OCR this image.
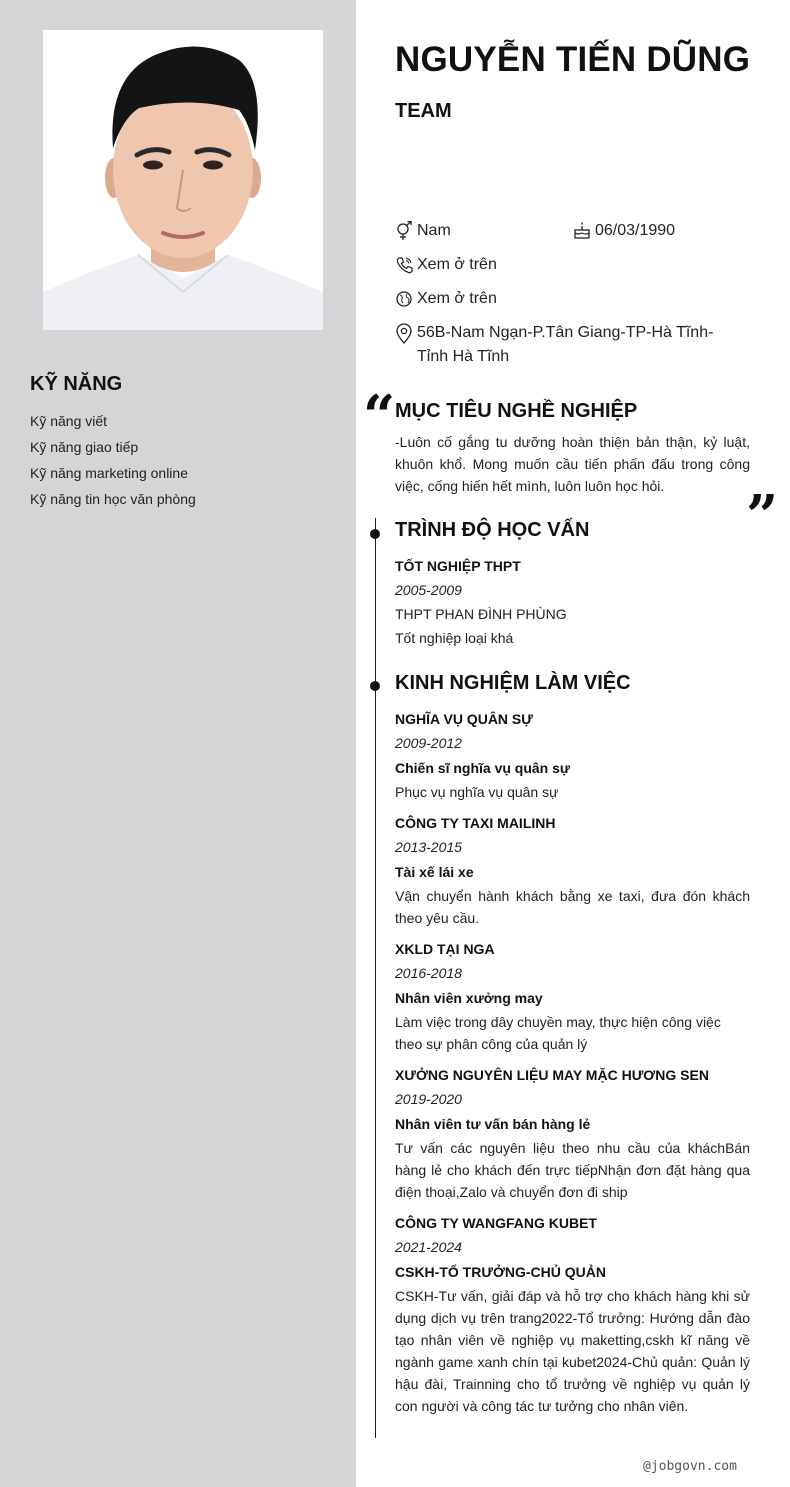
KỸ NĂNG
Kỹ năng viết
Kỹ năng giao tiếp
Kỹ năng marketing online
Kỹ năng tin học văn phòng
NGUYỄN TIẾN DŨNG
TEAM
Nam	06/03/1990
Xem ở trên
Xem ở trên
56B-Nam Ngạn-P.Tân Giang-TP-Hà Tĩnh-Tỉnh Hà Tĩnh
“ MỤC TIÊU NGHỀ NGHIỆP

-Luôn cố gắng tu dưỡng hoàn thiện bản thận, kỷ luật, khuôn khổ. Mong muốn cầu tiến phấn đấu trong công việc, cống hiến hết mình, luôn luôn học hỏi.	”
TRÌNH ĐỘ HỌC VẤN
TỐT NGHIỆP THPT
2005-2009
THPT PHAN ĐÌNH PHÙNG
Tốt nghiệp loại khá
KINH NGHIỆM LÀM VIỆC
NGHĨA VỤ QUÂN SỰ
2009-2012
Chiến sĩ nghĩa vụ quân sự

Phục vụ nghĩa vụ quân sự

CÔNG TY TAXI MAILINH
2013-2015
Tài xế lái xe

Vận chuyển hành khách bằng xe taxi, đưa đón khách theo yêu cầu.

XKLD TẠI NGA
2016-2018
Nhân viên xưởng may

Làm việc trong dây chuyền may, thực hiện công việc theo sự phân công của quản lý

XƯỞNG NGUYÊN LIỆU MAY MẶC HƯƠNG SEN
2019-2020
Nhân viên tư vấn bán hàng lẻ

Tư vấn các nguyên liệu theo nhu cầu của kháchBán hàng lẻ cho khách đến trực tiếpNhận đơn đặt hàng qua điện thoại,Zalo và chuyển đơn đi ship

CÔNG TY WANGFANG KUBET
2021-2024
CSKH-TỔ TRƯỞNG-CHỦ QUẢN

CSKH-Tư vấn, giải đáp và hỗ trợ cho khách hàng khi sử dụng dịch vụ trên trang2022-Tổ trưởng: Hướng dẫn đào tạo nhân viên về nghiệp vụ maketting,cskh kĩ năng về ngành game xanh chín tại kubet2024-Chủ quản: Quản lý hậu đài, Trainning cho tổ trưởng về nghiệp vụ quản lý con người và công tác tư tưởng cho nhân viên.

@jobgovn.com
